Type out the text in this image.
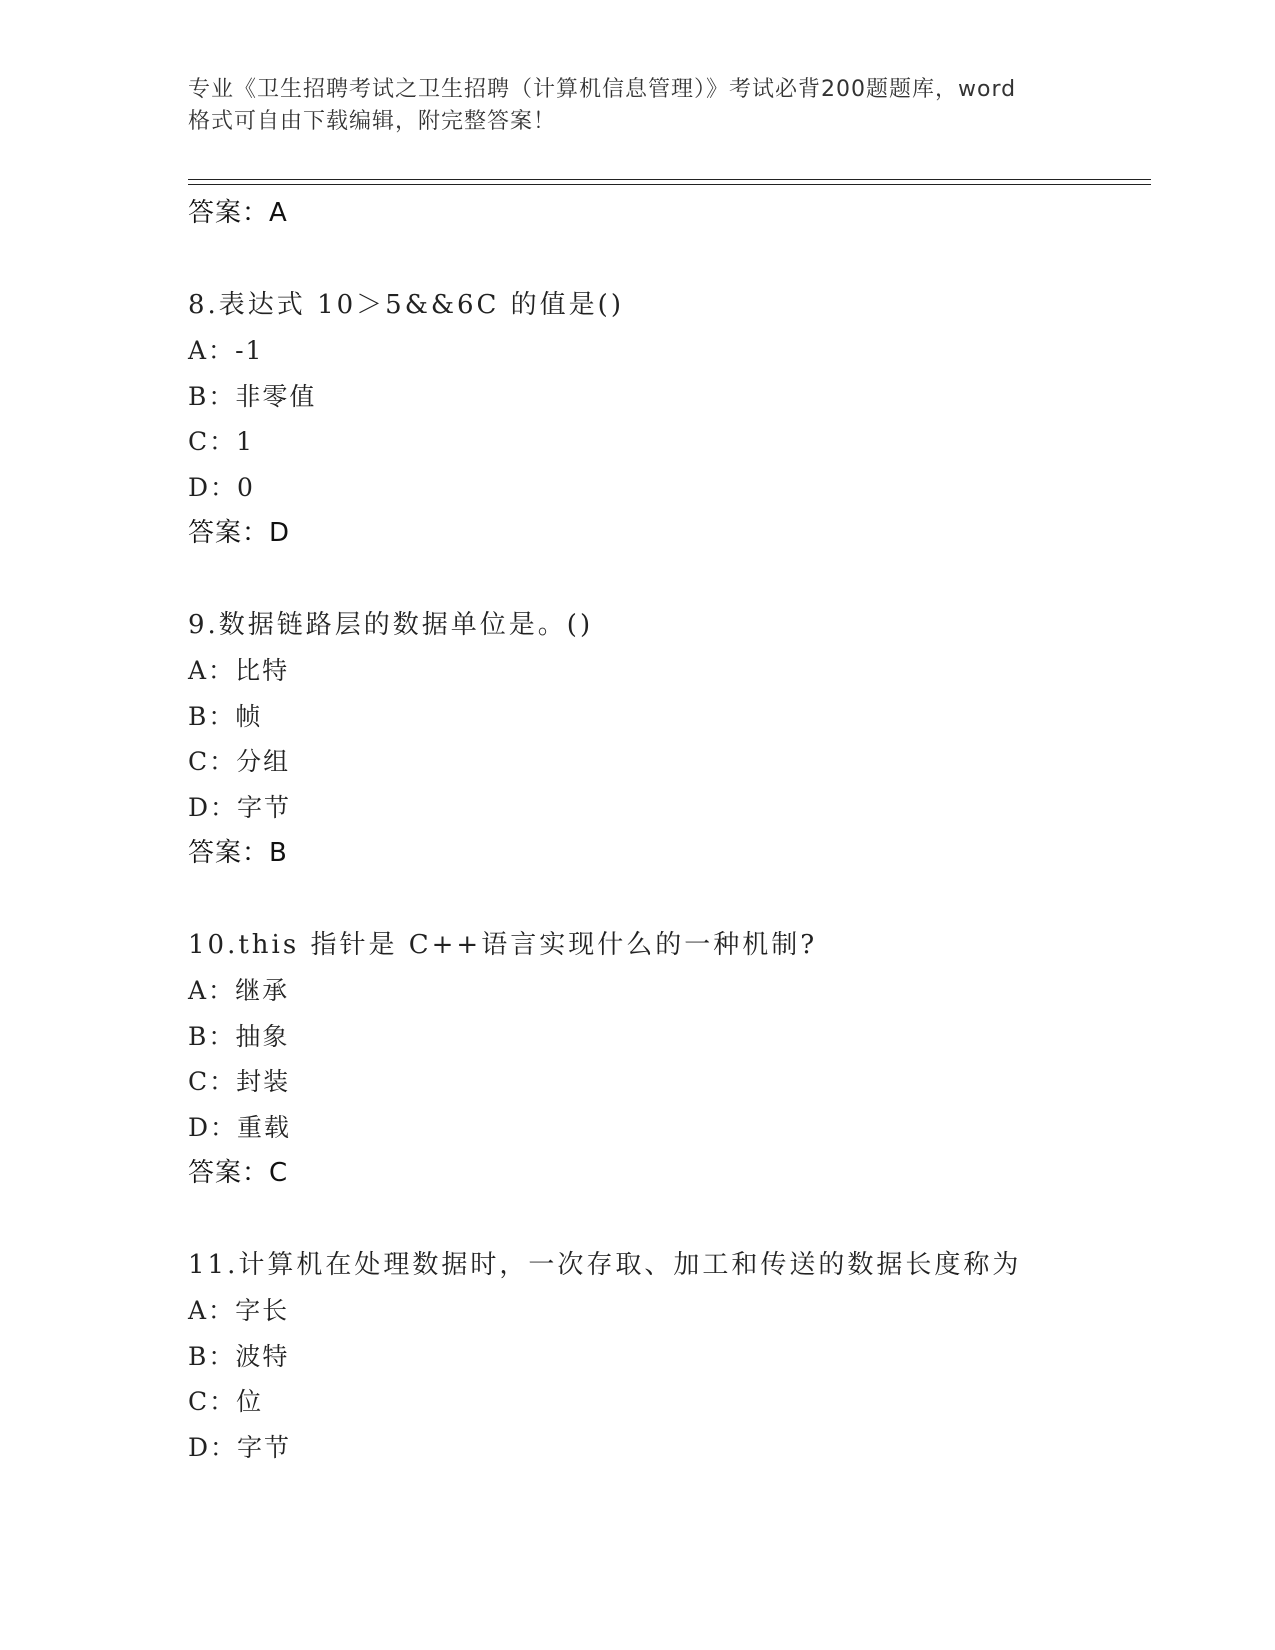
专业《卫生招聘考试之卫生招聘（计算机信息管理）》考试必背200题题库，word
格式可自由下载编辑，附完整答案！
答案：A
8.表达式 10＞5&&6C 的值是()
A：-1
B：非零值
C：1
D：0
答案：D
9.数据链路层的数据单位是。()
A：比特
B：帧
C：分组
D：字节
答案：B
10.this 指针是 C++语言实现什么的一种机制?
A：继承
B：抽象
C：封装
D：重载
答案：C
11.计算机在处理数据时，一次存取、加工和传送的数据长度称为
A：字长
B：波特
C：位
D：字节
